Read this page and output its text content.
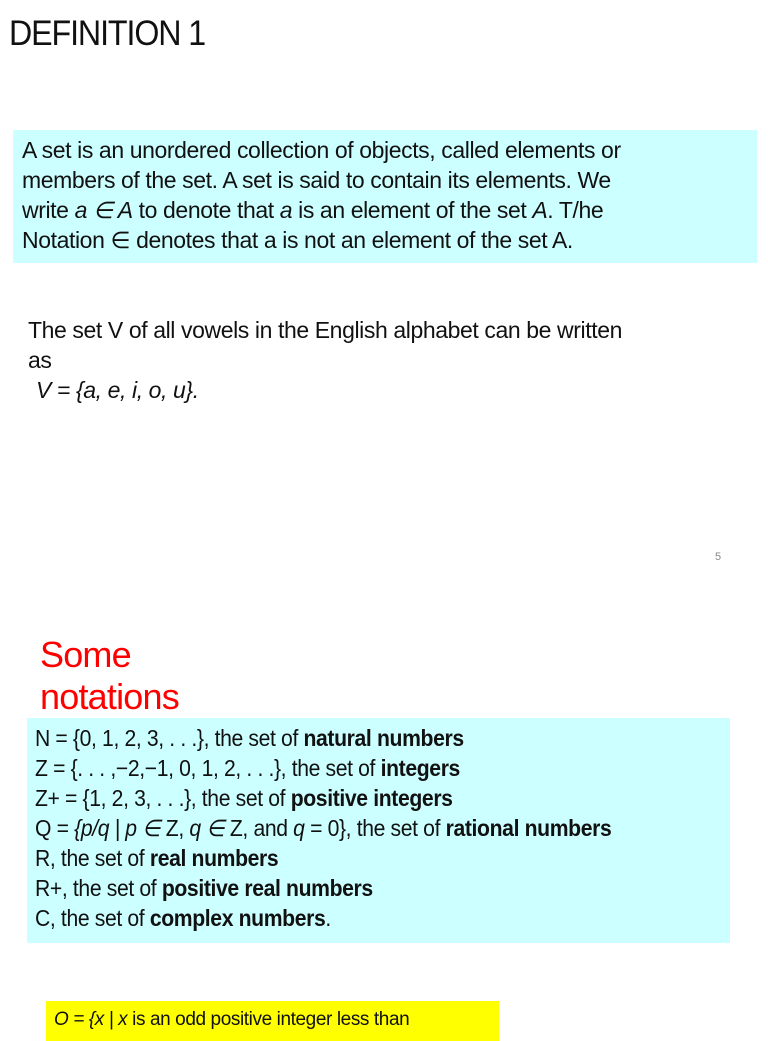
DEFINITION 1
A set is an unordered collection of objects, called elements or
members of the set. A set is said to contain its elements. We
write a ∈ A to denote that a is an element of the set A. T/he
Notation ∈ denotes that a is not an element of the set A.
The set V of all vowels in the English alphabet can be written
as
V = {a, e, i, o, u}.
5
Some
notations
N = {0, 1, 2, 3, . . .}, the set of natural numbers
Z = {. . . ,−2,−1, 0, 1, 2, . . .}, the set of integers
Z+ = {1, 2, 3, . . .}, the set of positive integers
Q = {p/q | p ∈ Z, q ∈ Z, and q = 0}, the set of rational numbers
R, the set of real numbers
R+, the set of positive real numbers
C, the set of complex numbers.
O = {x | x is an odd positive integer less than
